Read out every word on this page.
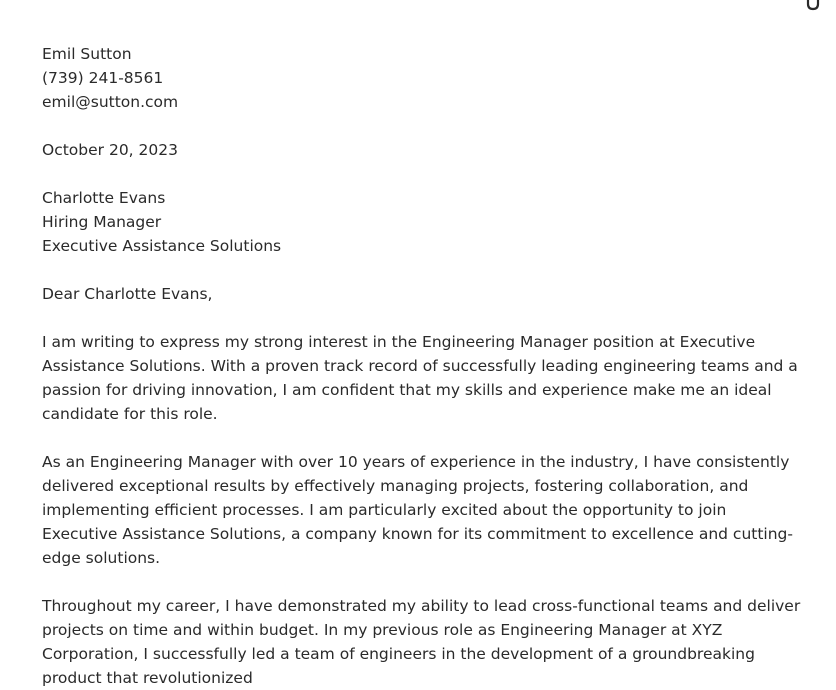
Emil Sutton

(739) 241-8561

emil@sutton.com

October 20, 2023

Charlotte Evans

Hiring Manager

Executive Assistance Solutions

Dear Charlotte Evans,

I am writing to express my strong interest in the Engineering Manager position at Executive Assistance Solutions. With a proven track record of successfully leading engineering teams and a passion for driving innovation, I am confident that my skills and experience make me an ideal candidate for this role.

As an Engineering Manager with over 10 years of experience in the industry, I have consistently delivered exceptional results by effectively managing projects, fostering collaboration, and implementing efficient processes. I am particularly excited about the opportunity to join Executive Assistance Solutions, a company known for its commitment to excellence and cutting-edge solutions.

Throughout my career, I have demonstrated my ability to lead cross-functional teams and deliver projects on time and within budget. In my previous role as Engineering Manager at XYZ Corporation, I successfully led a team of engineers in the development of a groundbreaking product that revolutionized
